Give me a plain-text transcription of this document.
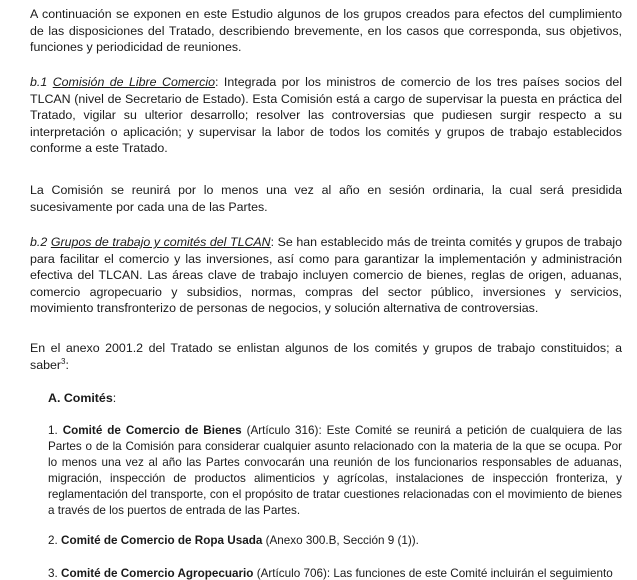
A continuación se exponen en este Estudio algunos de los grupos creados para efectos del cumplimiento de las disposiciones del Tratado, describiendo brevemente, en los casos que corresponda, sus objetivos, funciones y periodicidad de reuniones.

b.1 Comisión de Libre Comercio: Integrada por los ministros de comercio de los tres países socios del TLCAN (nivel de Secretario de Estado). Esta Comisión está a cargo de supervisar la puesta en práctica del Tratado, vigilar su ulterior desarrollo; resolver las controversias que pudiesen surgir respecto a su interpretación o aplicación; y supervisar la labor de todos los comités y grupos de trabajo establecidos conforme a este Tratado.

La Comisión se reunirá por lo menos una vez al año en sesión ordinaria, la cual será presidida sucesivamente por cada una de las Partes.

b.2 Grupos de trabajo y comités del TLCAN: Se han establecido más de treinta comités y grupos de trabajo para facilitar el comercio y las inversiones, así como para garantizar la implementación y administración efectiva del TLCAN. Las áreas clave de trabajo incluyen comercio de bienes, reglas de origen, aduanas, comercio agropecuario y subsidios, normas, compras del sector público, inversiones y servicios, movimiento transfronterizo de personas de negocios, y solución alternativa de controversias.

En el anexo 2001.2 del Tratado se enlistan algunos de los comités y grupos de trabajo constituidos; a saber$^3$:

A. Comités:

1. Comité de Comercio de Bienes (Artículo 316): Este Comité se reunirá a petición de cualquiera de las Partes o de la Comisión para considerar cualquier asunto relacionado con la materia de la que se ocupa. Por lo menos una vez al año las Partes convocarán una reunión de los funcionarios responsables de aduanas, migración, inspección de productos alimenticios y agrícolas, instalaciones de inspección fronteriza, y reglamentación del transporte, con el propósito de tratar cuestiones relacionadas con el movimiento de bienes a través de los puertos de entrada de las Partes.

2. Comité de Comercio de Ropa Usada (Anexo 300.B, Sección 9 (1)).

3. Comité de Comercio Agropecuario (Artículo 706): Las funciones de este Comité incluirán el seguimiento
